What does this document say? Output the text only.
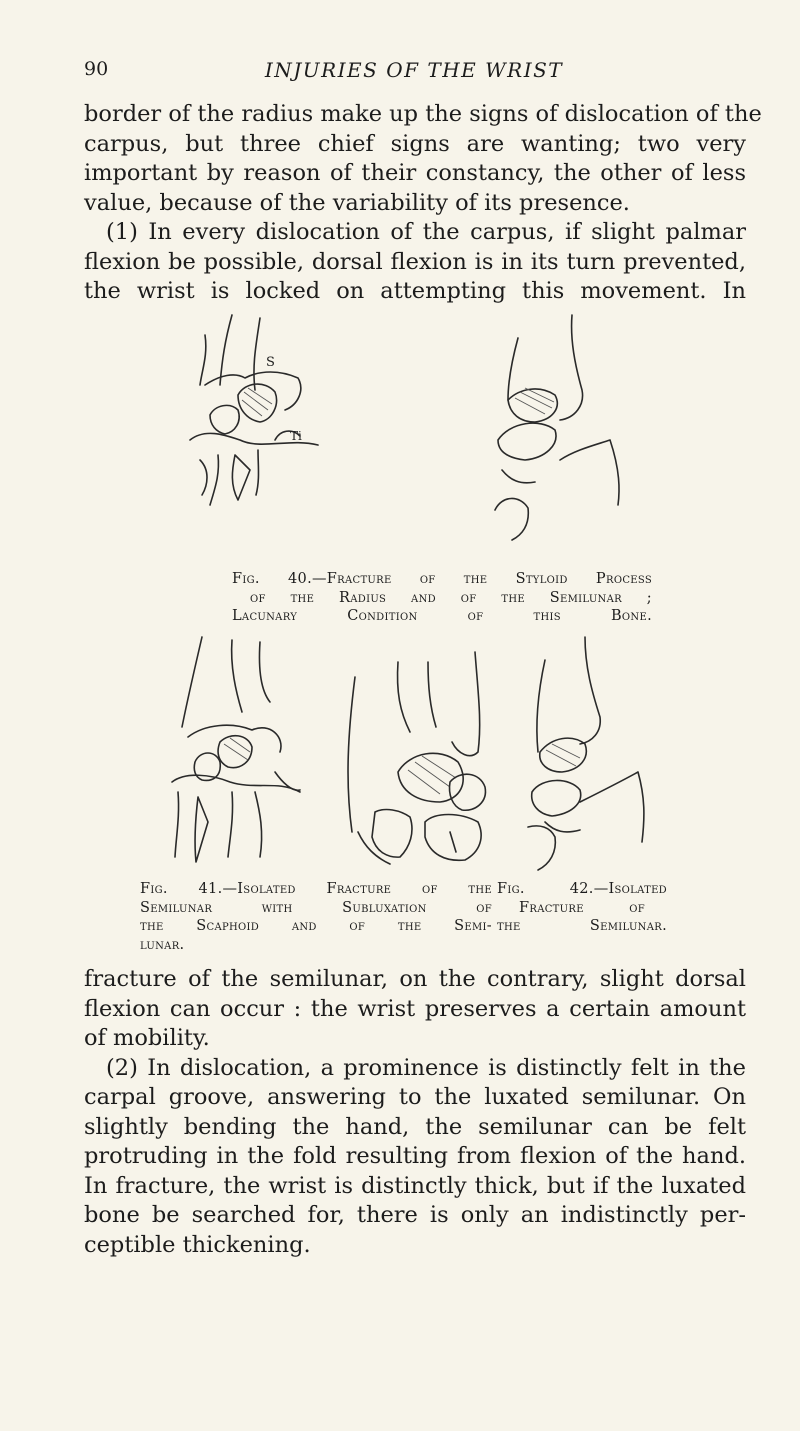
90	INJURIES OF THE WRIST
border of the radius make up the signs of dislocation of the
carpus, but three chief signs are wanting; two very
important by reason of their constancy, the other of less
value, because of the variability of its presence.
(1) In every dislocation of the carpus, if slight palmar
flexion be possible, dorsal flexion is in its turn prevented,
the wrist is locked on attempting this movement. In
S
Ti
Fig. 40.—Fracture of the Styloid Process
of the Radius and of the Semilunar ;
Lacunary Condition of this Bone.
Fig. 41.—Isolated Fracture of the
Semilunar with Subluxation of
the Scaphoid and of the Semi-
lunar.
Fig. 42.—Isolated
Fracture of
the Semilunar.
fracture of the semilunar, on the contrary, slight dorsal
flexion can occur : the wrist preserves a certain amount
of mobility.
(2) In dislocation, a prominence is distinctly felt in the
carpal groove, answering to the luxated semilunar. On
slightly bending the hand, the semilunar can be felt
protruding in the fold resulting from flexion of the hand.
In fracture, the wrist is distinctly thick, but if the luxated
bone be searched for, there is only an indistinctly per-
ceptible thickening.
